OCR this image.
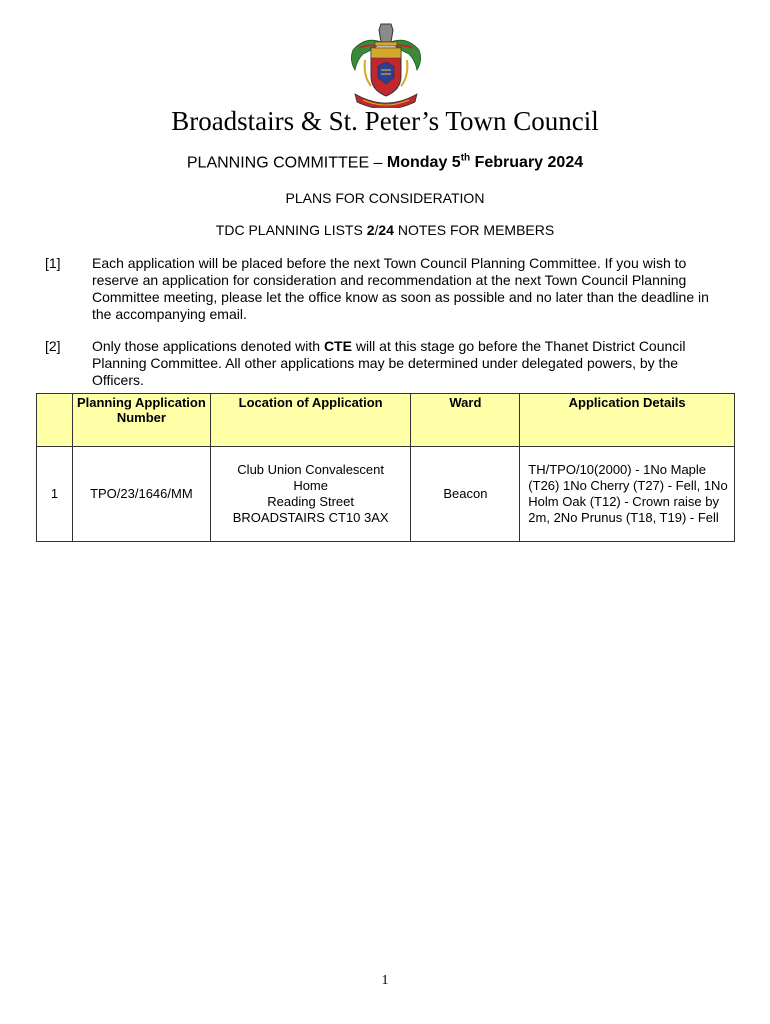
Broadstairs & St. Peter’s Town Council
PLANNING COMMITTEE – Monday 5th February 2024
PLANS FOR CONSIDERATION
TDC PLANNING LISTS 2/24 NOTES FOR MEMBERS
[1] Each application will be placed before the next Town Council Planning Committee. If you wish to reserve an application for consideration and recommendation at the next Town Council Planning Committee meeting, please let the office know as soon as possible and no later than the deadline in the accompanying email.
[2] Only those applications denoted with CTE will at this stage go before the Thanet District Council Planning Committee. All other applications may be determined under delegated powers, by the Officers.
	Planning Application Number	Location of Application	Ward	Application Details
1	TPO/23/1646/MM	Club Union Convalescent
Home
Reading Street
BROADSTAIRS CT10 3AX	Beacon	TH/TPO/10(2000) - 1No Maple (T26) 1No Cherry (T27) - Fell, 1No Holm Oak (T12) - Crown raise by 2m, 2No Prunus (T18, T19) - Fell
1
